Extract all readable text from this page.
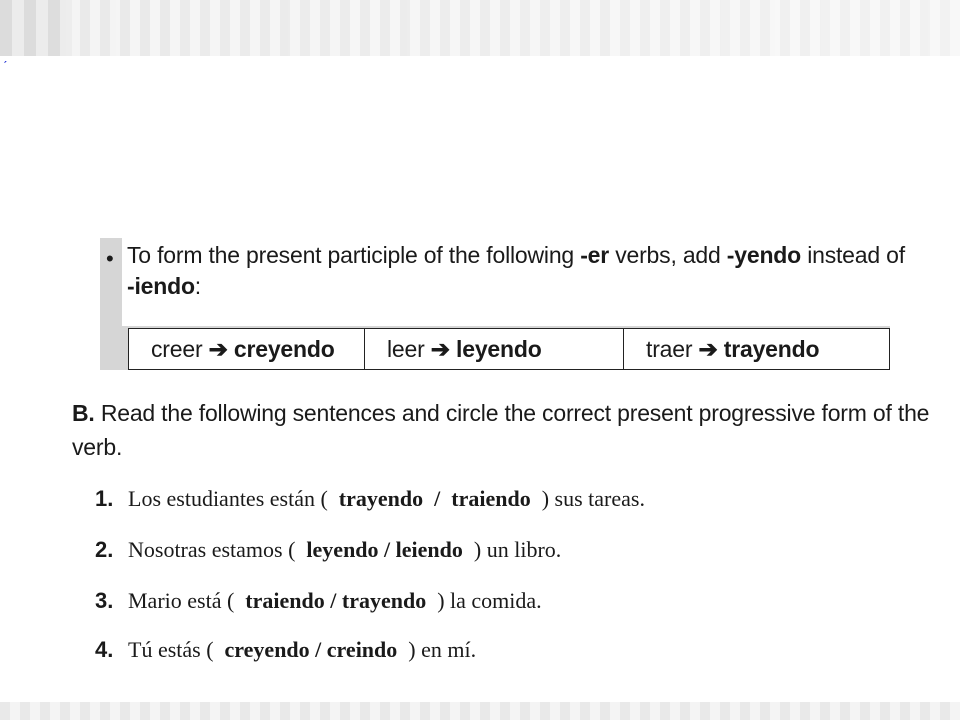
ˊ
• To form the present participle of the following -er verbs, add -yendo instead of
-iendo:
creer ➔ creyendo	leer ➔ leyendo	traer ➔ trayendo
B. Read the following sentences and circle the correct present progressive form of the verb.
1. Los estudiantes están ( trayendo / traiendo ) sus tareas.
2. Nosotras estamos ( leyendo / leiendo ) un libro.
3. Mario está ( traiendo / trayendo ) la comida.
4. Tú estás ( creyendo / creindo ) en mí.
